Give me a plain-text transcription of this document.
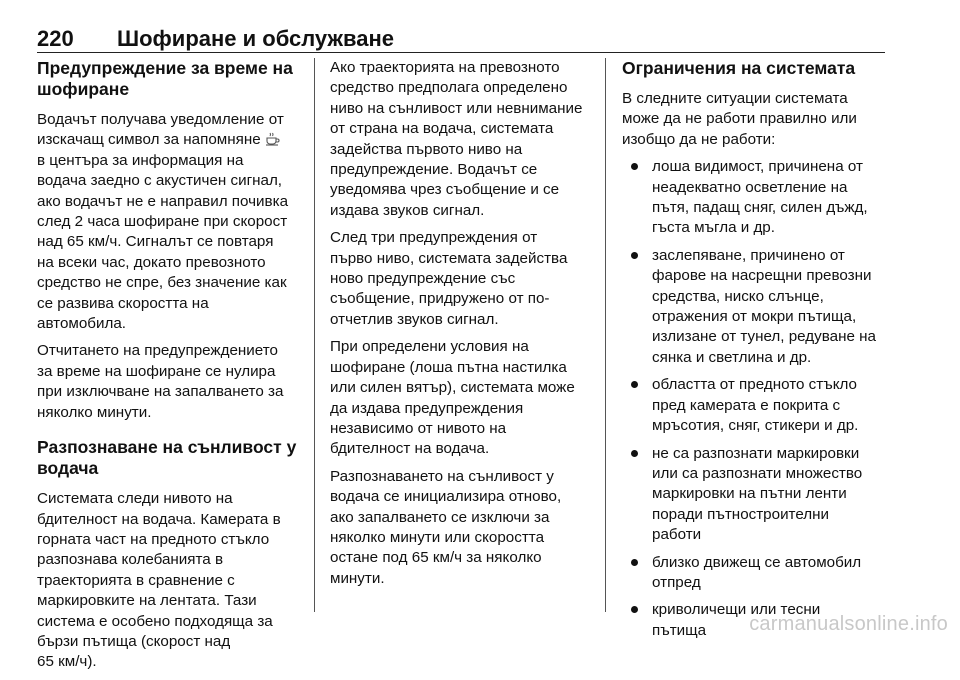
220 Шофиране и обслужване
Предупреждение за време на
шофиране

Водачът получава уведомление от
изскачащ символ за напомняне
в центъра за информация на
водача заедно с акустичен сигнал,
ако водачът не е направил почивка
след 2 часа шофиране при скорост
над 65 км/ч. Сигналът се повтаря
на всеки час, докато превозното
средство не спре, без значение как
се развива скоростта на
автомобила.

Отчитането на предупреждението
за време на шофиране се нулира
при изключване на запалването за
няколко минути.

Разпознаване на сънливост у
водача

Системата следи нивото на
бдителност на водача. Камерата в
горната част на предното стъкло
разпознава колебанията в
траекторията в сравнение с
маркировките на лентата. Тази
система е особено подходяща за
бързи пътища (скорост над
65 км/ч).

Ако траекторията на превозното
средство предполага определено
ниво на сънливост или невнимание
от страна на водача, системата
задейства първото ниво на
предупреждение. Водачът се
уведомява чрез съобщение и се
издава звуков сигнал.

След три предупреждения от
първо ниво, системата задейства
ново предупреждение със
съобщение, придружено от по-
отчетлив звуков сигнал.

При определени условия на
шофиране (лоша пътна настилка
или силен вятър), системата може
да издава предупреждения
независимо от нивото на
бдителност на водача.

Разпознаването на сънливост у
водача се инициализира отново,
ако запалването се изключи за
няколко минути или скоростта
остане под 65 км/ч за няколко
минути.

Ограничения на системата

В следните ситуации системата
може да не работи правилно или
изобщо да не работи:

лоша видимост, причинена от
неадекватно осветление на
пътя, падащ сняг, силен дъжд,
гъста мъгла и др.
заслепяване, причинено от
фарове на насрещни превозни
средства, ниско слънце,
отражения от мокри пътища,
излизане от тунел, редуване на
сянка и светлина и др.
областта от предното стъкло
пред камерата е покрита с
мръсотия, сняг, стикери и др.
не са разпознати маркировки
или са разпознати множество
маркировки на пътни ленти
поради пътностроителни
работи
близко движещ се автомобил
отпред
криволичещи или тесни
пътища	carmanualsonline.info
